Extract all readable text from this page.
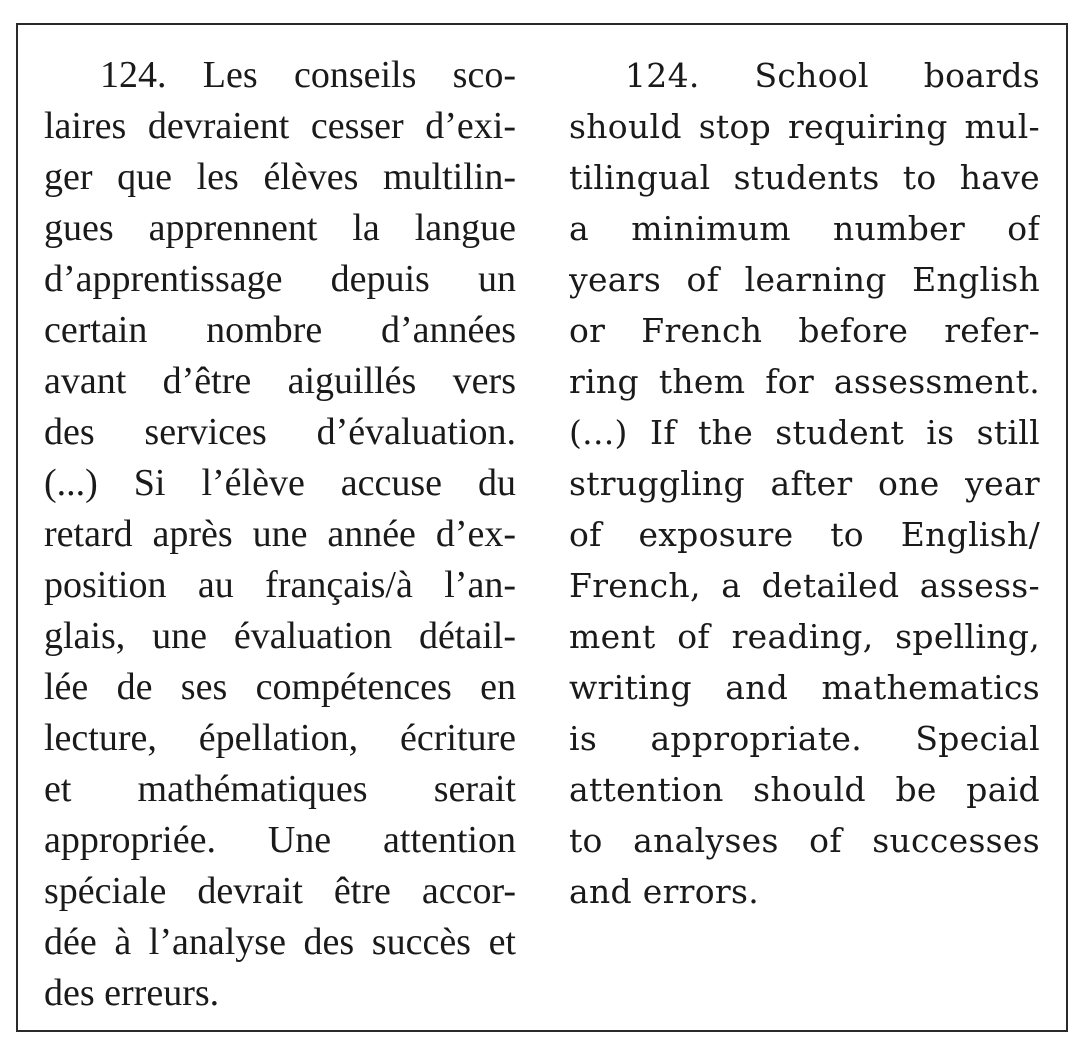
124. Les conseils sco-
laires devraient cesser d’exi-
ger que les élèves multilin-
gues apprennent la langue
d’apprentissage depuis un
certain nombre d’années
avant d’être aiguillés vers
des services d’évaluation.
(...) Si l’élève accuse du
retard après une année d’ex-
position au français/à l’an-
glais, une évaluation détail-
lée de ses compétences en
lecture, épellation, écriture
et mathématiques serait
appropriée. Une attention
spéciale devrait être accor-
dée à l’analyse des succès et
des erreurs.
124. School boards
should stop requiring mul-
tilingual students to have
a minimum number of
years of learning English
or French before refer-
ring them for assessment.
(...) If the student is still
struggling after one year
of exposure to English/
French, a detailed assess-
ment of reading, spelling,
writing and mathematics
is appropriate. Special
attention should be paid
to analyses of successes
and errors.
